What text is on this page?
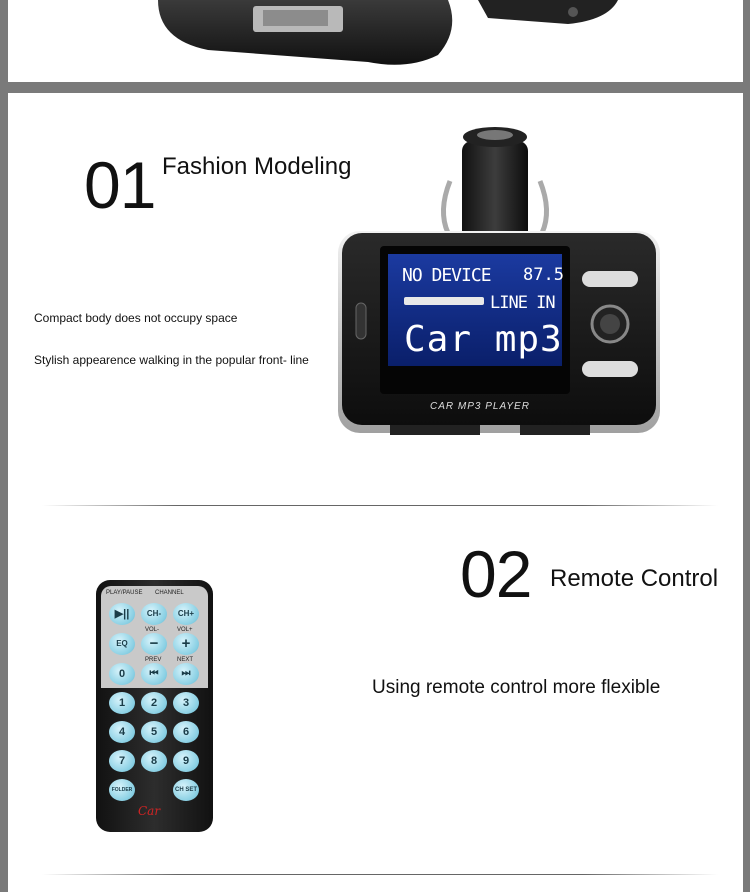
01 Fashion Modeling
Compact body does not occupy space
Stylish appearence walking in the popular front- line
NO DEVICE 87.5
LINE IN
Car mp3
CAR MP3 PLAYER
02 Remote Control
Using remote control more flexible
PLAY/PAUSE CHANNEL
▶||	CH-	CH+
VOL-	VOL+
EQ	−	+
PREV	NEXT
0	⏮	⏭
1	2	3
4	5	6
7	8	9
FOLDER	CH SET
Car
